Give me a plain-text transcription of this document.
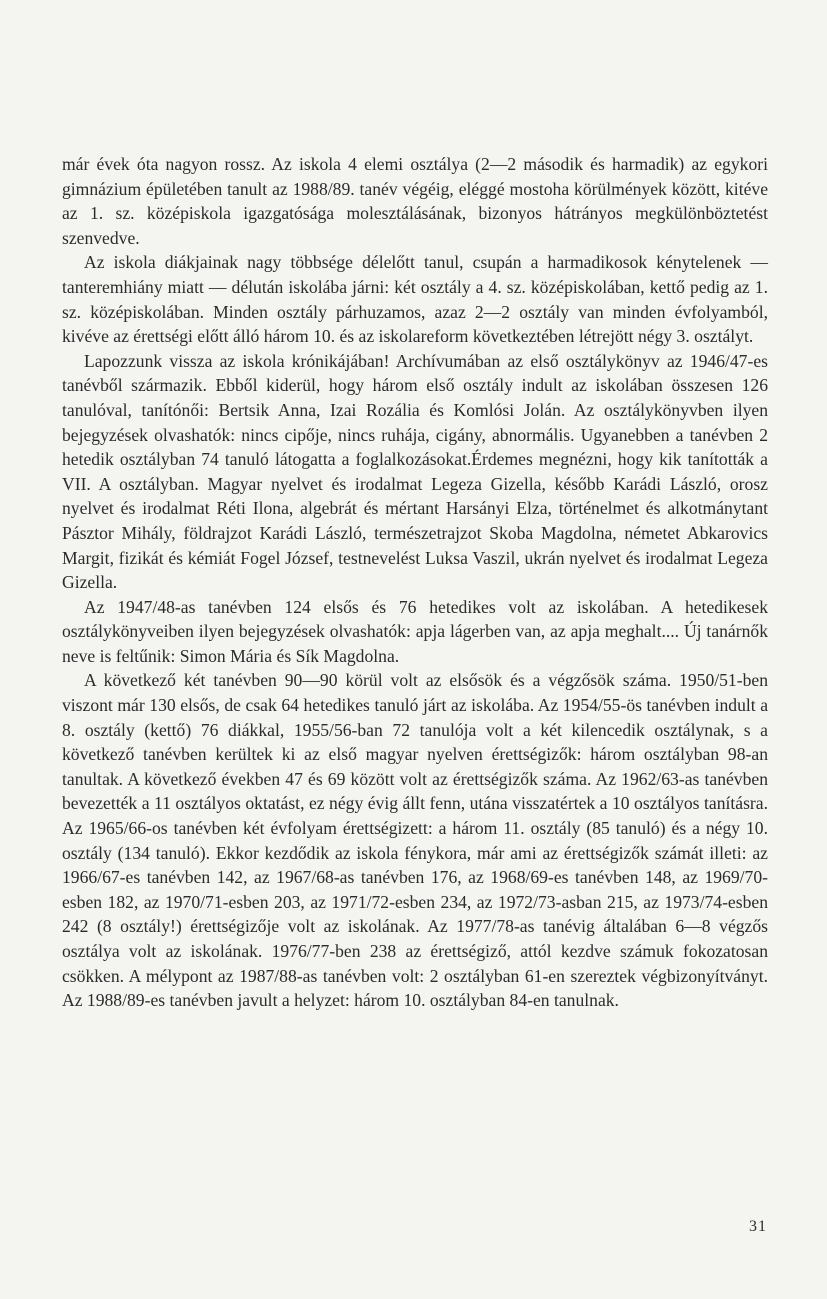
már évek óta nagyon rossz. Az iskola 4 elemi osztálya (2—2 második és harmadik) az egykori gimnázium épületében tanult az 1988/89. tanév végéig, eléggé mostoha körülmények között, kitéve az 1. sz. középiskola igazgatósága molesztálásának, bizonyos hátrányos megkülönböztetést szenvedve.

Az iskola diákjainak nagy többsége délelőtt tanul, csupán a harmadikosok kénytelenek — tanteremhiány miatt — délután iskolába járni: két osztály a 4. sz. középiskolában, kettő pedig az 1. sz. középiskolában. Minden osztály párhuzamos, azaz 2—2 osztály van minden évfolyamból, kivéve az érettségi előtt álló három 10. és az iskolareform következtében létrejött négy 3. osztályt.

Lapozzunk vissza az iskola krónikájában! Archívumában az első osztálykönyv az 1946/47-es tanévből származik. Ebből kiderül, hogy három első osztály indult az iskolában összesen 126 tanulóval, tanítónői: Bertsik Anna, Izai Rozália és Komlósi Jolán. Az osztálykönyvben ilyen bejegyzések olvashatók: nincs cipője, nincs ruhája, cigány, abnormális. Ugyanebben a tanévben 2 hetedik osztályban 74 tanuló látogatta a foglalkozásokat.Érdemes megnézni, hogy kik tanították a VII. A osztályban. Magyar nyelvet és irodalmat Legeza Gizella, később Karádi László, orosz nyelvet és irodalmat Réti Ilona, algebrát és mértant Harsányi Elza, történelmet és alkotmánytant Pásztor Mihály, földrajzot Karádi László, természetrajzot Skoba Magdolna, németet Abkarovics Margit, fizikát és kémiát Fogel József, testnevelést Luksa Vaszil, ukrán nyelvet és irodalmat Legeza Gizella.

Az 1947/48-as tanévben 124 elsős és 76 hetedikes volt az iskolában. A hetedikesek osztálykönyveiben ilyen bejegyzések olvashatók: apja lágerben van, az apja meghalt.... Új tanárnők neve is feltűnik: Simon Mária és Sík Magdolna.

A következő két tanévben 90—90 körül volt az elsősök és a végzősök száma. 1950/51-ben viszont már 130 elsős, de csak 64 hetedikes tanuló járt az iskolába. Az 1954/55-ös tanévben indult a 8. osztály (kettő) 76 diákkal, 1955/56-ban 72 tanulója volt a két kilencedik osztálynak, s a következő tanévben kerültek ki az első magyar nyelven érettségizők: három osztályban 98-an tanultak. A következő években 47 és 69 között volt az érettségizők száma. Az 1962/63-as tanévben bevezették a 11 osztályos oktatást, ez négy évig állt fenn, utána visszatértek a 10 osztályos tanításra. Az 1965/66-os tanévben két évfolyam érettségizett: a három 11. osztály (85 tanuló) és a négy 10. osztály (134 tanuló). Ekkor kezdődik az iskola fénykora, már ami az érettségizők számát illeti: az 1966/67-es tanévben 142, az 1967/68-as tanévben 176, az 1968/69-es tanévben 148, az 1969/70-esben 182, az 1970/71-esben 203, az 1971/72-esben 234, az 1972/73-asban 215, az 1973/74-esben 242 (8 osztály!) érettségizője volt az iskolának. Az 1977/78-as tanévig általában 6—8 végzős osztálya volt az iskolának. 1976/77-ben 238 az érettségiző, attól kezdve számuk fokozatosan csökken. A mélypont az 1987/88-as tanévben volt: 2 osztályban 61-en szereztek végbizonyítványt. Az 1988/89-es tanévben javult a helyzet: három 10. osztályban 84-en tanulnak.

31
